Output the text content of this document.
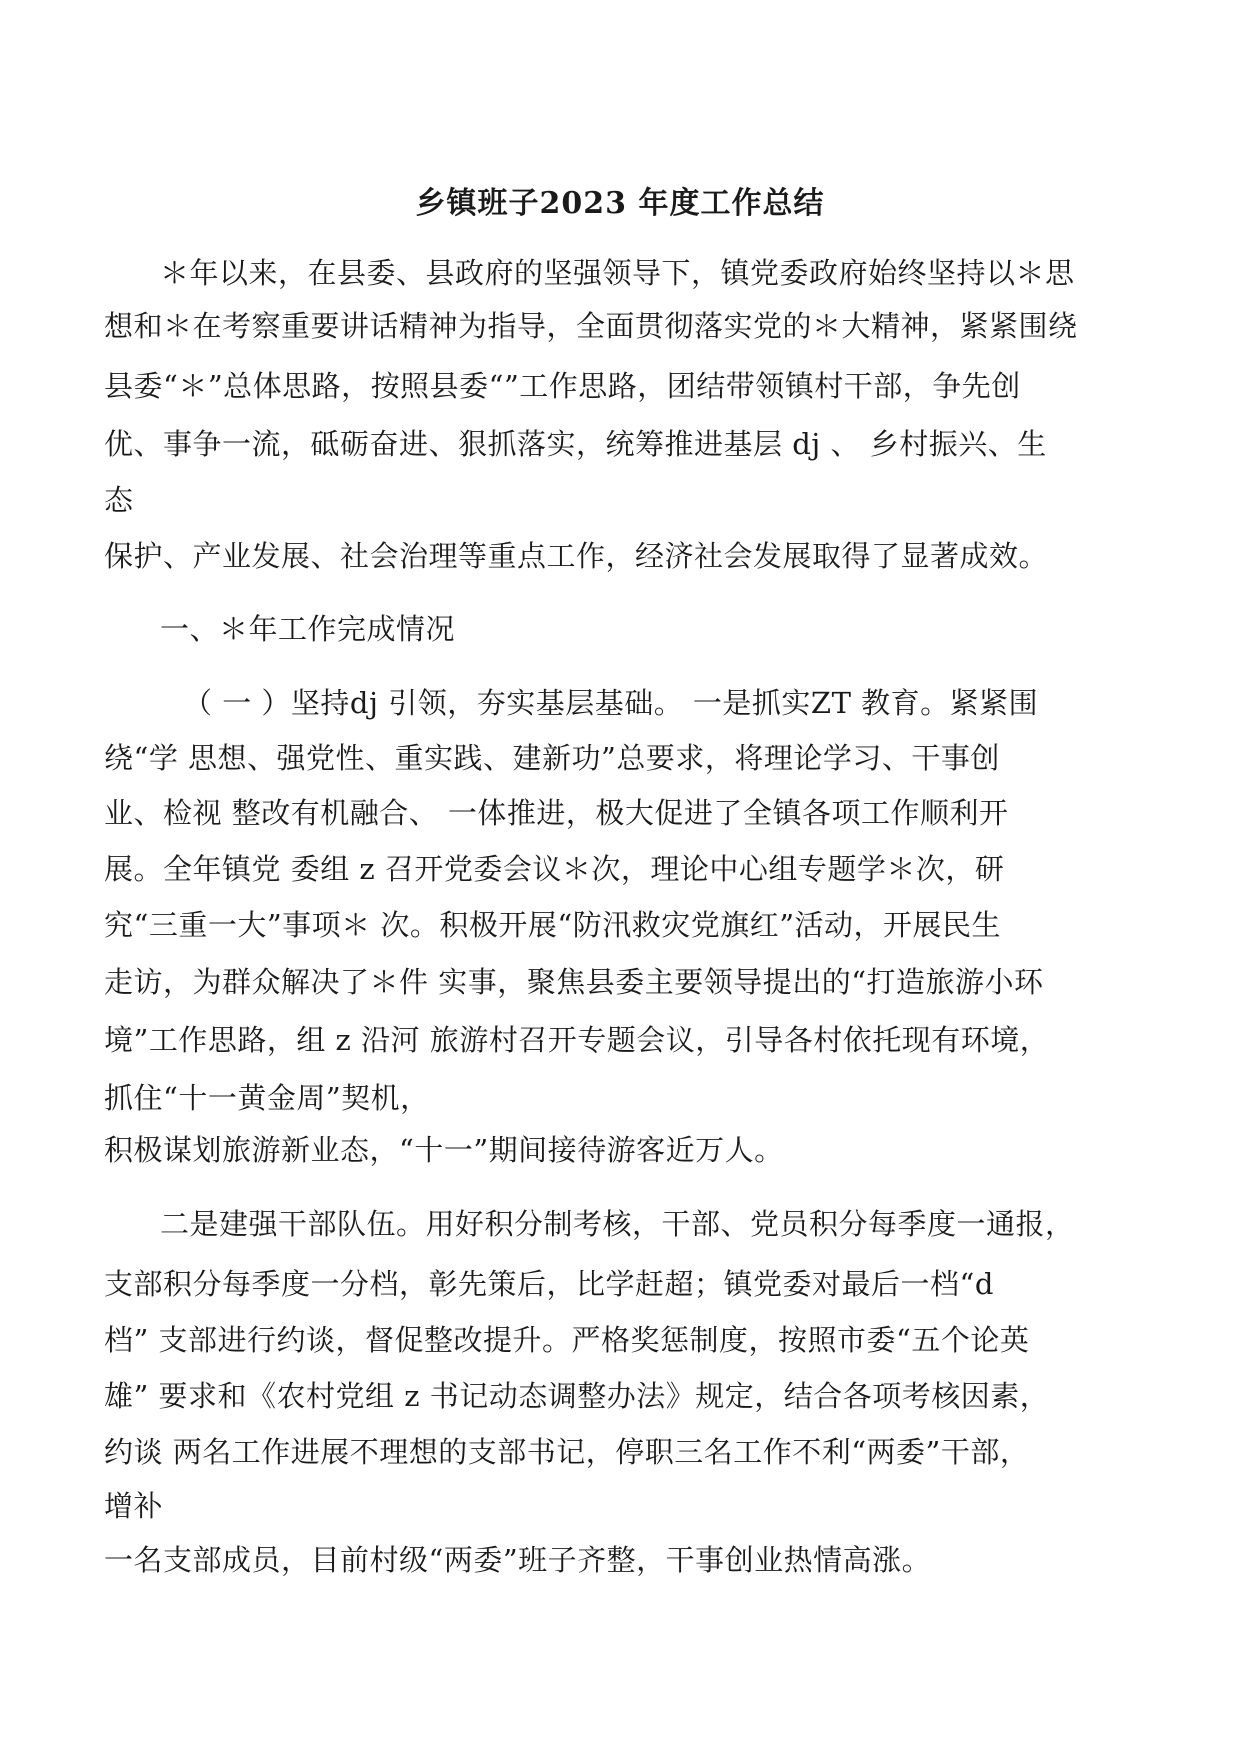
乡镇班子2023 年度工作总结
＊年以来，在县委、县政府的坚强领导下，镇党委政府始终坚持以＊思
想和＊在考察重要讲话精神为指导，全面贯彻落实党的＊大精神，紧紧围绕
县委“＊”总体思路，按照县委“”工作思路，团结带领镇村干部，争先创
优、事争一流，砥砺奋进、狠抓落实，统筹推进基层 dj 、 乡村振兴、生
态
保护、产业发展、社会治理等重点工作，经济社会发展取得了显著成效。
一、＊年工作完成情况
（ 一 ）坚持dj 引领，夯实基层基础。 一是抓实ZT 教育。紧紧围
绕“学 思想、强党性、重实践、建新功”总要求，将理论学习、干事创
业、检视 整改有机融合、 一体推进，极大促进了全镇各项工作顺利开
展。全年镇党 委组 z 召开党委会议＊次，理论中心组专题学＊次，研
究“三重一大”事项＊ 次。积极开展“防汛救灾党旗红”活动，开展民生
走访，为群众解决了＊件 实事，聚焦县委主要领导提出的“打造旅游小环
境”工作思路，组 z 沿河 旅游村召开专题会议，引导各村依托现有环境，
抓住“十一黄金周”契机，
积极谋划旅游新业态，“十一”期间接待游客近万人。
二是建强干部队伍。用好积分制考核，干部、党员积分每季度一通报，
支部积分每季度一分档，彰先策后，比学赶超；镇党委对最后一档“d
档” 支部进行约谈，督促整改提升。严格奖惩制度，按照市委“五个论英
雄” 要求和《农村党组 z 书记动态调整办法》规定，结合各项考核因素，
约谈 两名工作进展不理想的支部书记，停职三名工作不利“两委”干部，
增补
一名支部成员，目前村级“两委”班子齐整，干事创业热情高涨。
